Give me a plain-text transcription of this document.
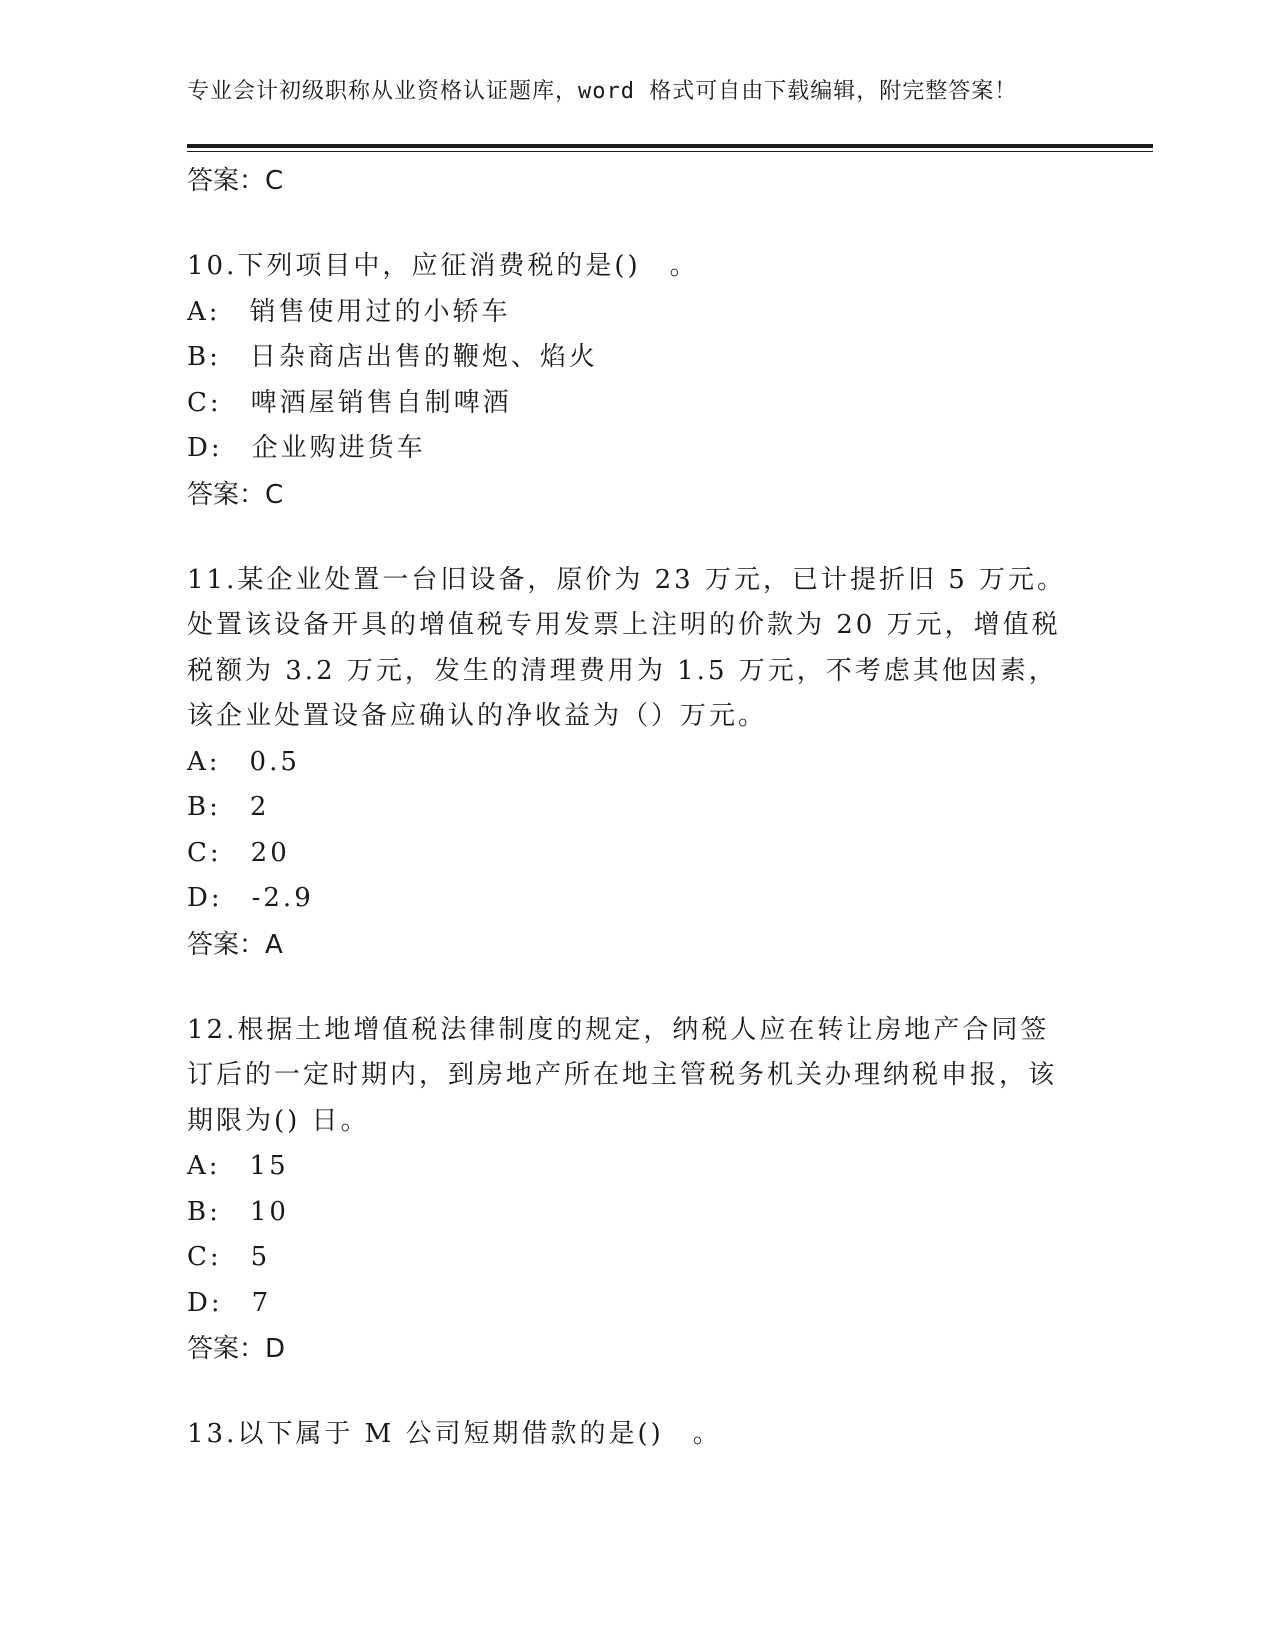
专业会计初级职称从业资格认证题库，word 格式可自由下载编辑，附完整答案！
答案：C
10.下列项目中，应征消费税的是()　。
A:　销售使用过的小轿车
B:　日杂商店出售的鞭炮、焰火
C:　啤酒屋销售自制啤酒
D:　企业购进货车
答案：C
11.某企业处置一台旧设备，原价为 23 万元，已计提折旧 5 万元。处置该设备开具的增值税专用发票上注明的价款为 20 万元，增值税税额为 3.2 万元，发生的清理费用为 1.5 万元，不考虑其他因素，该企业处置设备应确认的净收益为（）万元。
A:　0.5
B:　2
C:　20
D:　-2.9
答案：A
12.根据土地增值税法律制度的规定，纳税人应在转让房地产合同签订后的一定时期内，到房地产所在地主管税务机关办理纳税申报，该期限为() 日。
A:　15
B:　10
C:　5
D:　7
答案：D
13.以下属于 M 公司短期借款的是()　。
